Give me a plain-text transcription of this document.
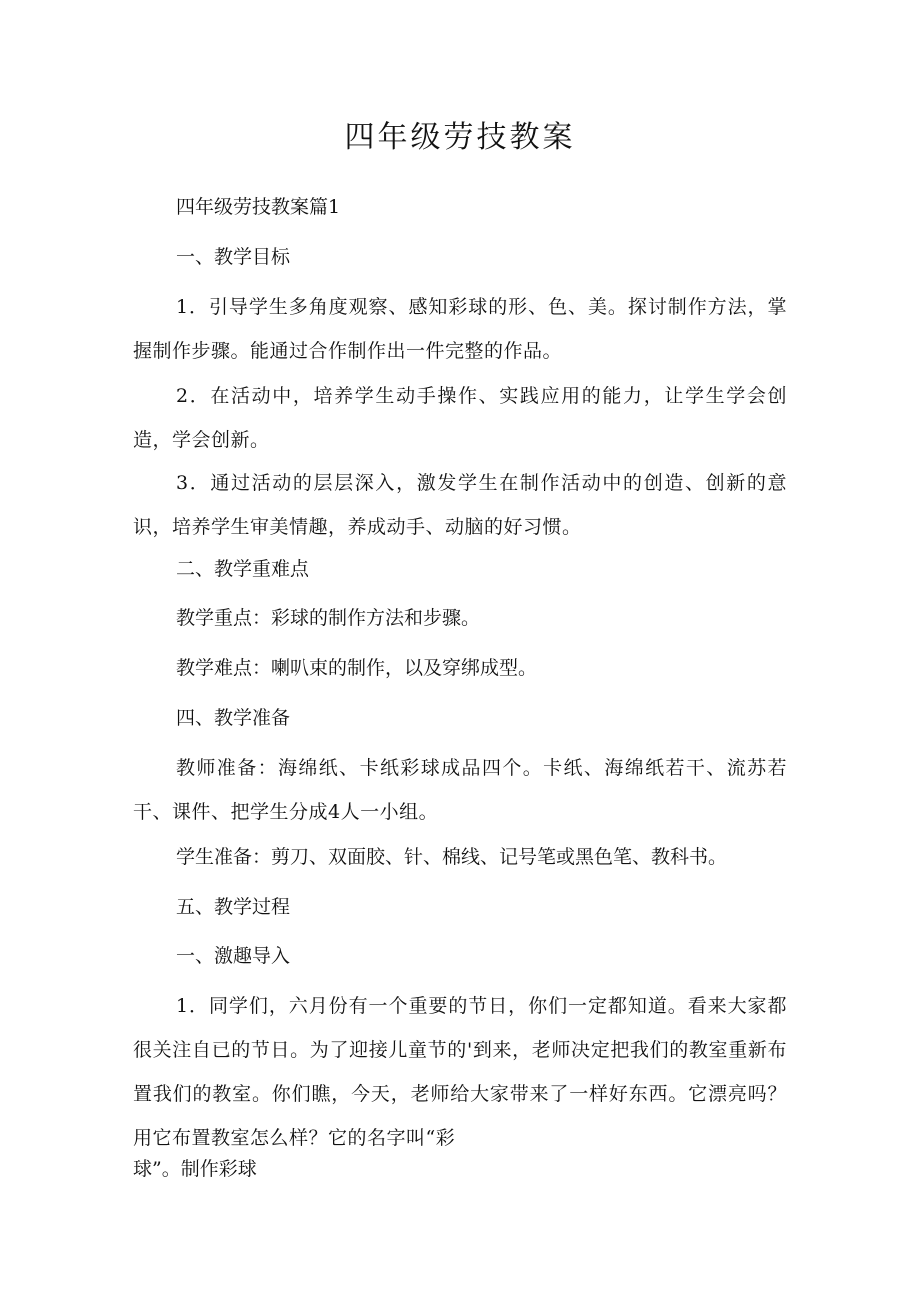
四年级劳技教案

四年级劳技教案篇1

一、教学目标

1．引导学生多角度观察、感知彩球的形、色、美。探讨制作方法，掌握制作步骤。能通过合作制作出一件完整的作品。

2．在活动中，培养学生动手操作、实践应用的能力，让学生学会创造，学会创新。

3．通过活动的层层深入，激发学生在制作活动中的创造、创新的意识，培养学生审美情趣，养成动手、动脑的好习惯。

二、教学重难点

教学重点：彩球的制作方法和步骤。

教学难点：喇叭束的制作，以及穿绑成型。

四、教学准备

教师准备：海绵纸、卡纸彩球成品四个。卡纸、海绵纸若干、流苏若干、课件、把学生分成4人一小组。

学生准备：剪刀、双面胶、针、棉线、记号笔或黑色笔、教科书。

五、教学过程

一、激趣导入

1．同学们，六月份有一个重要的节日，你们一定都知道。看来大家都很关注自已的节日。为了迎接儿童节的'到来，老师决定把我们的教室重新布置我们的教室。你们瞧，今天，老师给大家带来了一样好东西。它漂亮吗？用它布置教室怎么样？它的名字叫“彩

球”。制作彩球
